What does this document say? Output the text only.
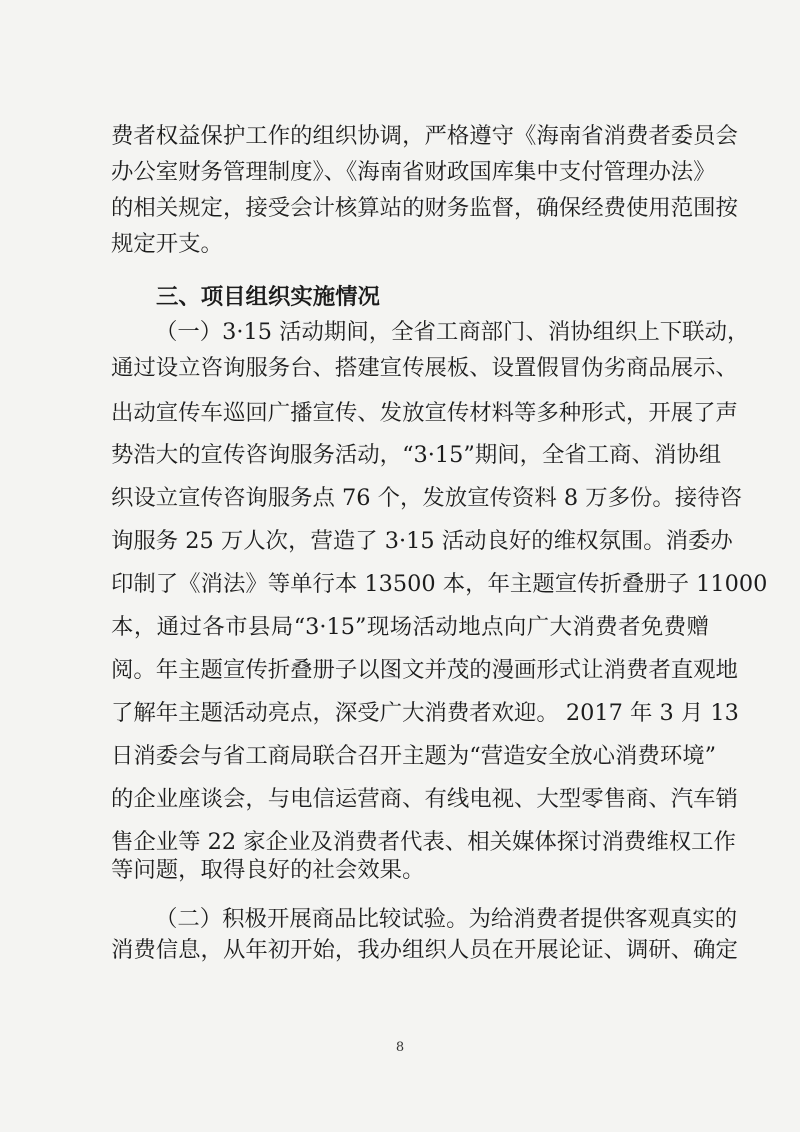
费者权益保护工作的组织协调，严格遵守《海南省消费者委员会
办公室财务管理制度》、《海南省财政国库集中支付管理办法》
的相关规定，接受会计核算站的财务监督，确保经费使用范围按
规定开支。
三、项目组织实施情况
（一）3·15 活动期间，全省工商部门、消协组织上下联动，
通过设立咨询服务台、搭建宣传展板、设置假冒伪劣商品展示、
出动宣传车巡回广播宣传、发放宣传材料等多种形式，开展了声
势浩大的宣传咨询服务活动，“3·15”期间，全省工商、消协组
织设立宣传咨询服务点 76 个，发放宣传资料 8 万多份。接待咨
询服务 25 万人次，营造了 3·15 活动良好的维权氛围。消委办
印制了《消法》等单行本 13500 本，年主题宣传折叠册子 11000
本，通过各市县局“3·15”现场活动地点向广大消费者免费赠
阅。年主题宣传折叠册子以图文并茂的漫画形式让消费者直观地
了解年主题活动亮点，深受广大消费者欢迎。 2017 年 3 月 13
日消委会与省工商局联合召开主题为“营造安全放心消费环境”
的企业座谈会，与电信运营商、有线电视、大型零售商、汽车销
售企业等 22 家企业及消费者代表、相关媒体探讨消费维权工作
等问题，取得良好的社会效果。
（二）积极开展商品比较试验。为给消费者提供客观真实的
消费信息，从年初开始，我办组织人员在开展论证、调研、确定
8
